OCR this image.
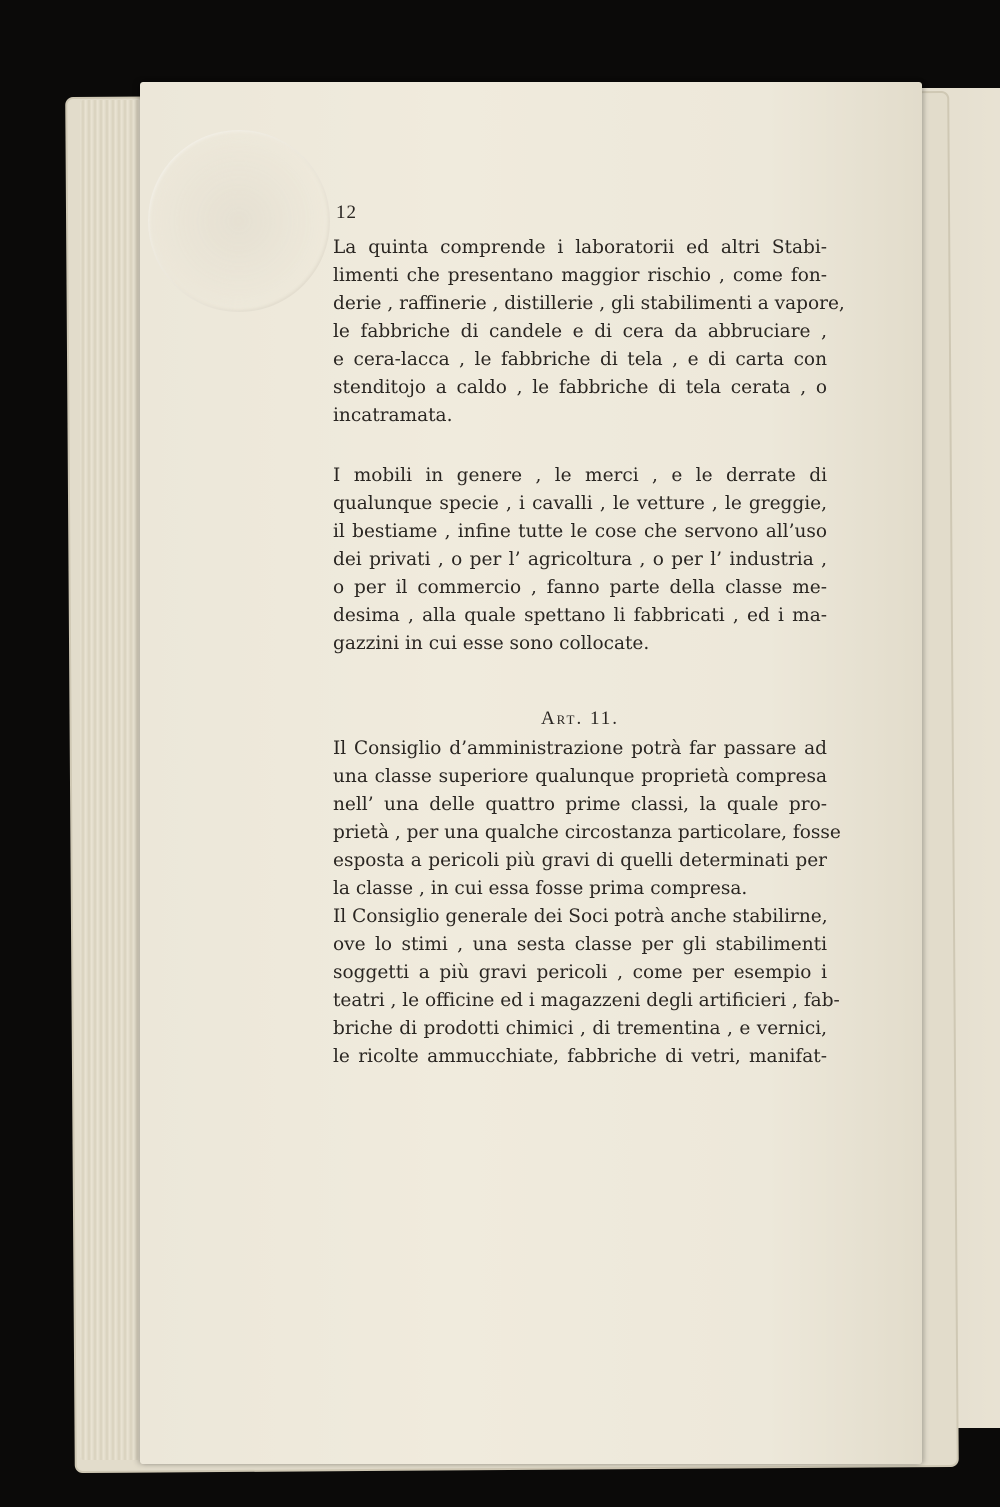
12
La quinta comprende i laboratorii ed altri Stabi-
limenti che presentano maggior rischio , come fon-
derie , raffinerie , distillerie , gli stabilimenti a vapore,
le fabbriche di candele e di cera da abbruciare ,
e cera-lacca , le fabbriche di tela , e di carta con
stenditojo a caldo , le fabbriche di tela cerata , o
incatramata.
I mobili in genere , le merci , e le derrate di
qualunque specie , i cavalli , le vetture , le greggie,
il bestiame , infine tutte le cose che servono all’uso
dei privati , o per l’ agricoltura , o per l’ industria ,
o per il commercio , fanno parte della classe me-
desima , alla quale spettano li fabbricati , ed i ma-
gazzini in cui esse sono collocate.
Art. 11.
Il Consiglio d’amministrazione potrà far passare ad
una classe superiore qualunque proprietà compresa
nell’ una delle quattro prime classi, la quale pro-
prietà , per una qualche circostanza particolare, fosse
esposta a pericoli più gravi di quelli determinati per
la classe , in cui essa fosse prima compresa.
Il Consiglio generale dei Soci potrà anche stabilirne,
ove lo stimi , una sesta classe per gli stabilimenti
soggetti a più gravi pericoli , come per esempio i
teatri , le officine ed i magazzeni degli artificieri , fab-
briche di prodotti chimici , di trementina , e vernici,
le ricolte ammucchiate, fabbriche di vetri, manifat-
